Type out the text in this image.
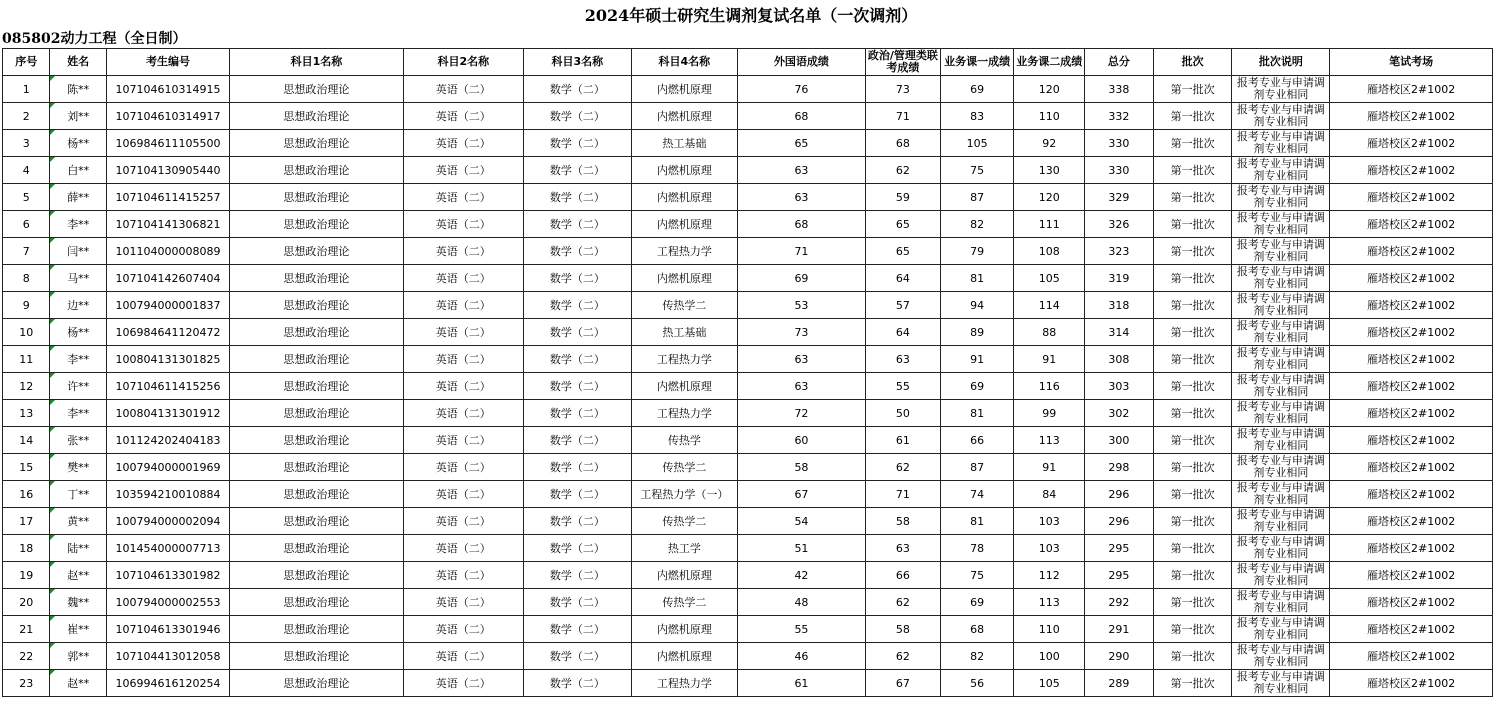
2024年硕士研究生调剂复试名单（一次调剂）
085802动力工程（全日制）
序号	姓名	考生编号	科目1名称	科目2名称	科目3名称	科目4名称	外国语成绩	政治/管理类联考成绩	业务课一成绩	业务课二成绩	总分	批次	批次说明	笔试考场
1	陈**	107104610314915	思想政治理论	英语（二）	数学（二）	内燃机原理	76	73	69	120	338	第一批次	报考专业与申请调剂专业相同	雁塔校区2#1002
2	刘**	107104610314917	思想政治理论	英语（二）	数学（二）	内燃机原理	68	71	83	110	332	第一批次	报考专业与申请调剂专业相同	雁塔校区2#1002
3	杨**	106984611105500	思想政治理论	英语（二）	数学（二）	热工基础	65	68	105	92	330	第一批次	报考专业与申请调剂专业相同	雁塔校区2#1002
4	白**	107104130905440	思想政治理论	英语（二）	数学（二）	内燃机原理	63	62	75	130	330	第一批次	报考专业与申请调剂专业相同	雁塔校区2#1002
5	薛**	107104611415257	思想政治理论	英语（二）	数学（二）	内燃机原理	63	59	87	120	329	第一批次	报考专业与申请调剂专业相同	雁塔校区2#1002
6	李**	107104141306821	思想政治理论	英语（二）	数学（二）	内燃机原理	68	65	82	111	326	第一批次	报考专业与申请调剂专业相同	雁塔校区2#1002
7	闫**	101104000008089	思想政治理论	英语（二）	数学（二）	工程热力学	71	65	79	108	323	第一批次	报考专业与申请调剂专业相同	雁塔校区2#1002
8	马**	107104142607404	思想政治理论	英语（二）	数学（二）	内燃机原理	69	64	81	105	319	第一批次	报考专业与申请调剂专业相同	雁塔校区2#1002
9	边**	100794000001837	思想政治理论	英语（二）	数学（二）	传热学二	53	57	94	114	318	第一批次	报考专业与申请调剂专业相同	雁塔校区2#1002
10	杨**	106984641120472	思想政治理论	英语（二）	数学（二）	热工基础	73	64	89	88	314	第一批次	报考专业与申请调剂专业相同	雁塔校区2#1002
11	李**	100804131301825	思想政治理论	英语（二）	数学（二）	工程热力学	63	63	91	91	308	第一批次	报考专业与申请调剂专业相同	雁塔校区2#1002
12	许**	107104611415256	思想政治理论	英语（二）	数学（二）	内燃机原理	63	55	69	116	303	第一批次	报考专业与申请调剂专业相同	雁塔校区2#1002
13	李**	100804131301912	思想政治理论	英语（二）	数学（二）	工程热力学	72	50	81	99	302	第一批次	报考专业与申请调剂专业相同	雁塔校区2#1002
14	张**	101124202404183	思想政治理论	英语（二）	数学（二）	传热学	60	61	66	113	300	第一批次	报考专业与申请调剂专业相同	雁塔校区2#1002
15	樊**	100794000001969	思想政治理论	英语（二）	数学（二）	传热学二	58	62	87	91	298	第一批次	报考专业与申请调剂专业相同	雁塔校区2#1002
16	丁**	103594210010884	思想政治理论	英语（二）	数学（二）	工程热力学（一）	67	71	74	84	296	第一批次	报考专业与申请调剂专业相同	雁塔校区2#1002
17	黄**	100794000002094	思想政治理论	英语（二）	数学（二）	传热学二	54	58	81	103	296	第一批次	报考专业与申请调剂专业相同	雁塔校区2#1002
18	陆**	101454000007713	思想政治理论	英语（二）	数学（二）	热工学	51	63	78	103	295	第一批次	报考专业与申请调剂专业相同	雁塔校区2#1002
19	赵**	107104613301982	思想政治理论	英语（二）	数学（二）	内燃机原理	42	66	75	112	295	第一批次	报考专业与申请调剂专业相同	雁塔校区2#1002
20	魏**	100794000002553	思想政治理论	英语（二）	数学（二）	传热学二	48	62	69	113	292	第一批次	报考专业与申请调剂专业相同	雁塔校区2#1002
21	崔**	107104613301946	思想政治理论	英语（二）	数学（二）	内燃机原理	55	58	68	110	291	第一批次	报考专业与申请调剂专业相同	雁塔校区2#1002
22	郭**	107104413012058	思想政治理论	英语（二）	数学（二）	内燃机原理	46	62	82	100	290	第一批次	报考专业与申请调剂专业相同	雁塔校区2#1002
23	赵**	106994616120254	思想政治理论	英语（二）	数学（二）	工程热力学	61	67	56	105	289	第一批次	报考专业与申请调剂专业相同	雁塔校区2#1002
